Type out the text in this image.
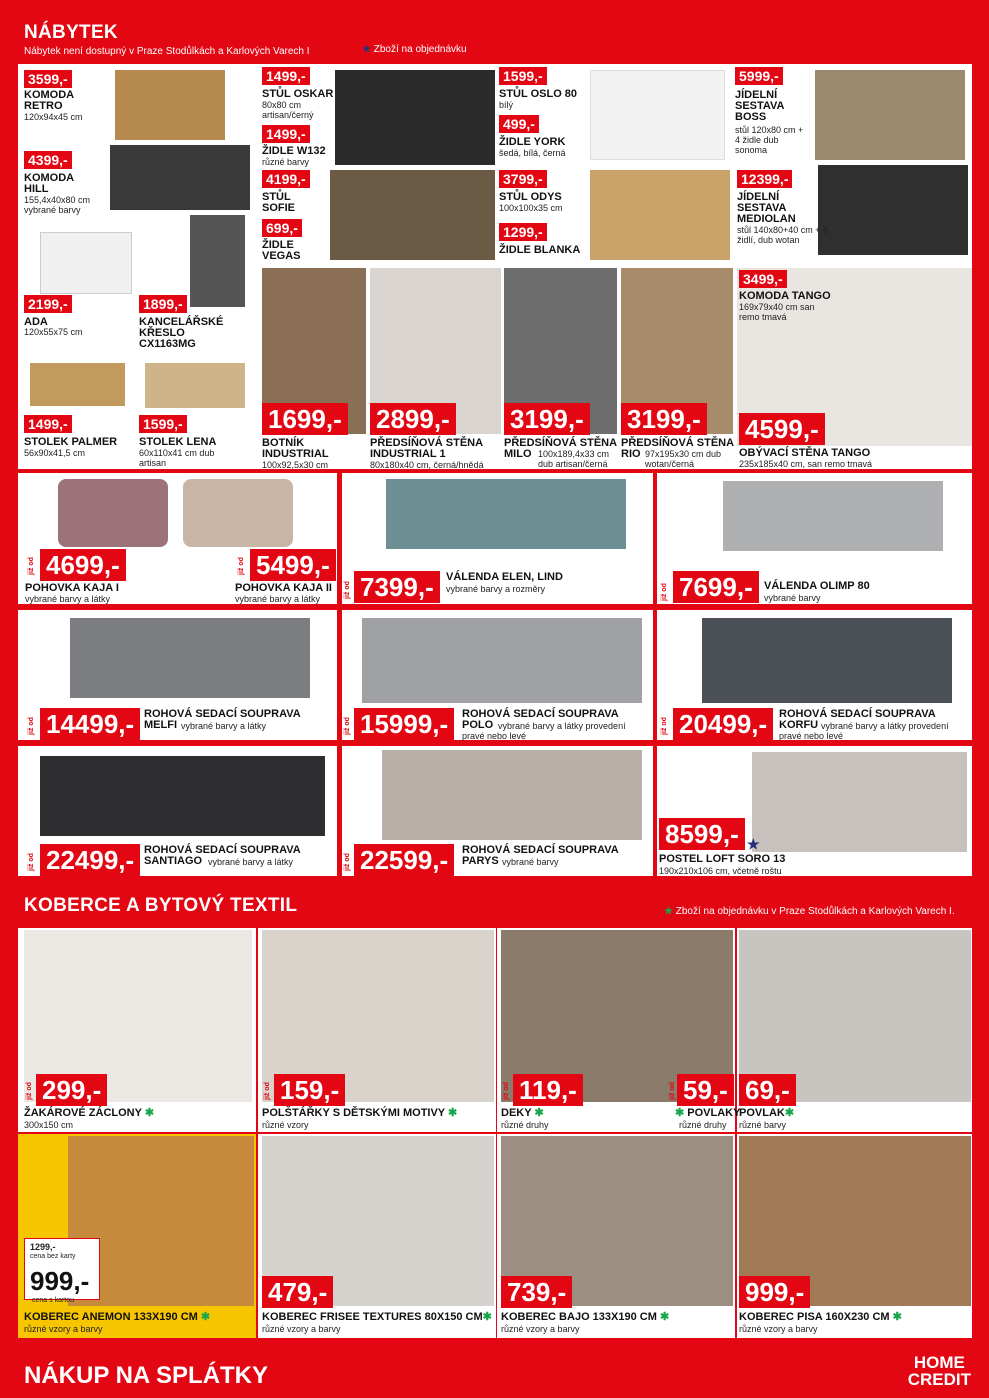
NÁBYTEK
Nábytek není dostupný v Praze Stodůlkách a Karlových Varech I	★ Zboží na objednávku
3599,-
KOMODA RETRO
120x94x45 cm
4399,-
KOMODA HILL
155,4x40x80 cm vybrané barvy
2199,-
ADA
120x55x75 cm
1899,-
KANCELÁŘSKÉ KŘESLO CX1163MG
1499,-
STOLEK PALMER
56x90x41,5 cm
1599,-
STOLEK LENA
60x110x41 cm dub artisan
1499,-
STŮL OSKAR
80x80 cm artisan/černý
1499,-
ŽIDLE W132
různé barvy
4199,-
STŮL SOFIE
699,-
ŽIDLE VEGAS
1599,-
STŮL OSLO 80
bílý
499,-
ŽIDLE YORK
šedá, bílá, černá
3799,-
STŮL ODYS
100x100x35 cm
1299,-
ŽIDLE BLANKA
5999,-
JÍDELNÍ SESTAVA BOSS
stůl 120x80 cm + 4 židle dub sonoma
12399,-
JÍDELNÍ SESTAVA MEDIOLAN
stůl 140x80+40 cm + 6 židlí, dub wotan
1699,-
BOTNÍK INDUSTRIAL
100x92,5x30 cm
2899,-
PŘEDSÍŇOVÁ STĚNA INDUSTRIAL 1
80x180x40 cm, černá/hnědá
3199,-
PŘEDSÍŇOVÁ STĚNA MILO 100x189,4x33 cm dub artisan/černá
3199,-
PŘEDSÍŇOVÁ STĚNA RIO 97x195x30 cm dub wotan/černá
3499,-
KOMODA TANGO
169x79x40 cm san remo tmavá
4599,-
OBÝVACÍ STĚNA TANGO
235x185x40 cm, san remo tmavá
již od 4699,-
POHOVKA KAJA I
vybrané barvy a látky
již od 5499,-
POHOVKA KAJA II
vybrané barvy a látky	již od 7399,-	VÁLENDA ELEN, LIND
vybrané barvy a rozměry	již od 7699,-	VÁLENDA OLIMP 80
vybrané barvy
již od 14499,- ROHOVÁ SEDACÍ SOUPRAVA MELFI vybrané barvy a látky	již od 15999,-	ROHOVÁ SEDACÍ SOUPRAVA POLO vybrané barvy a látky provedení pravé nebo levé
již od 20499,-	ROHOVÁ SEDACÍ SOUPRAVA KORFU vybrané barvy a látky provedení pravé nebo levé
již od 22499,- ROHOVÁ SEDACÍ SOUPRAVA SANTIAGO vybrané barvy a látky	již od 22599,-	ROHOVÁ SEDACÍ SOUPRAVA PARYS vybrané barvy
8599,- ★
POSTEL LOFT SORO 13
190x210x106 cm, včetně roštu
KOBERCE A BYTOVÝ TEXTIL	★ Zboží na objednávku v Praze Stodůlkách a Karlových Varech I.
již od 299,-
ŽAKÁROVÉ ZÁCLONY ✱
300x150 cm
již od 159,-
POLŠTÁŘKY S DĚTSKÝMI MOTIVY ✱
různé vzory
již od 119,-
DEKY ✱
různé druhy
již od 59,- 69,-
✱ POVLAKY
různé druhy
POVLAK✱
různé barvy
1299,-
cena bez karty
999,-
cena s kartou
KOBEREC ANEMON 133X190 CM ✱
různé vzory a barvy
479,-
KOBEREC FRISEE TEXTURES 80X150 CM✱
různé vzory a barvy
739,-
KOBEREC BAJO 133X190 CM ✱
různé vzory a barvy
999,-
KOBEREC PISA 160X230 CM ✱
různé vzory a barvy
NÁKUP NA SPLÁTKY	HOME
CREDIT
